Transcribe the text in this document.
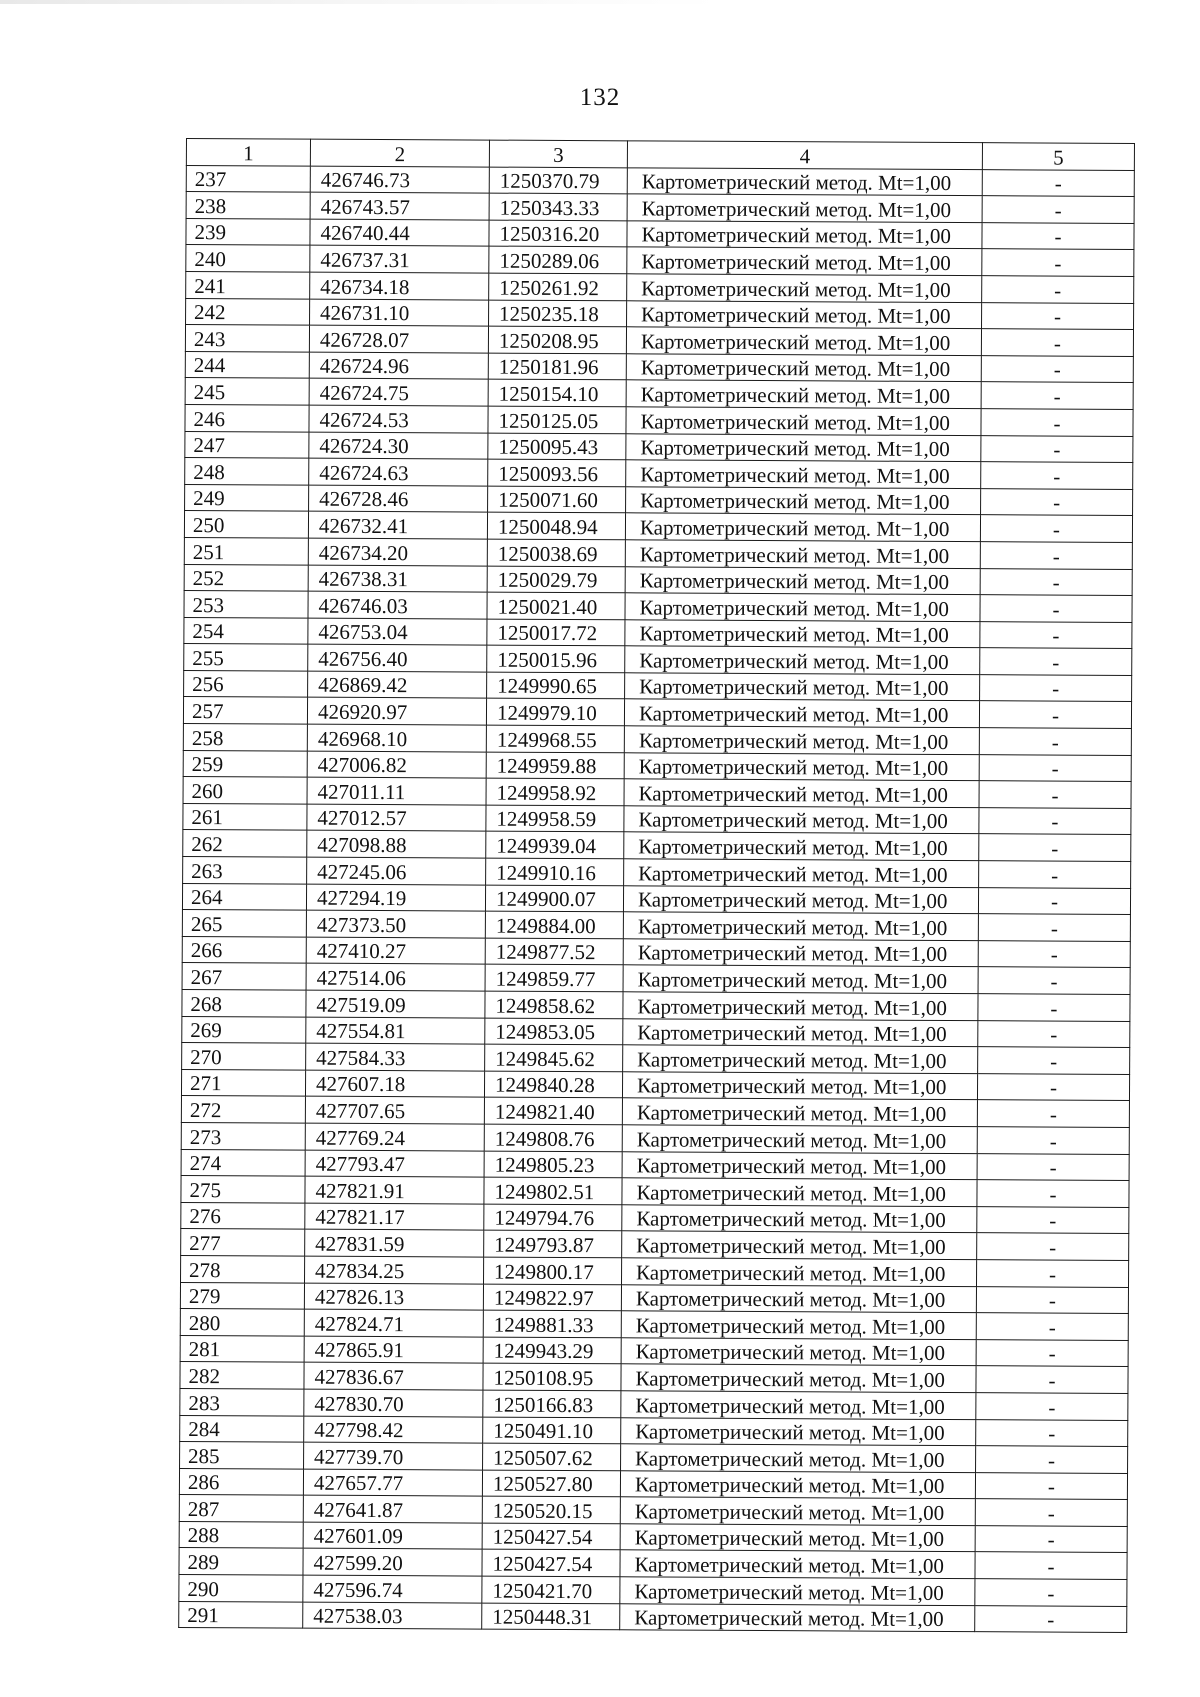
132
1	2	3	4	5
237	426746.73	1250370.79	Картометрический метод. Mt=1,00	-
238	426743.57	1250343.33	Картометрический метод. Mt=1,00	-
239	426740.44	1250316.20	Картометрический метод. Mt=1,00	-
240	426737.31	1250289.06	Картометрический метод. Mt=1,00	-
241	426734.18	1250261.92	Картометрический метод. Mt=1,00	-
242	426731.10	1250235.18	Картометрический метод. Mt=1,00	-
243	426728.07	1250208.95	Картометрический метод. Mt=1,00	-
244	426724.96	1250181.96	Картометрический метод. Mt=1,00	-
245	426724.75	1250154.10	Картометрический метод. Mt=1,00	-
246	426724.53	1250125.05	Картометрический метод. Mt=1,00	-
247	426724.30	1250095.43	Картометрический метод. Mt=1,00	-
248	426724.63	1250093.56	Картометрический метод. Mt=1,00	-
249	426728.46	1250071.60	Картометрический метод. Mt=1,00	-
250	426732.41	1250048.94	Картометрический метод. Mt−1,00	-
251	426734.20	1250038.69	Картометрический метод. Mt=1,00	-
252	426738.31	1250029.79	Картометрический метод. Mt=1,00	-
253	426746.03	1250021.40	Картометрический метод. Mt=1,00	-
254	426753.04	1250017.72	Картометрический метод. Mt=1,00	-
255	426756.40	1250015.96	Картометрический метод. Mt=1,00	-
256	426869.42	1249990.65	Картометрический метод. Mt=1,00	-
257	426920.97	1249979.10	Картометрический метод. Mt=1,00	-
258	426968.10	1249968.55	Картометрический метод. Mt=1,00	-
259	427006.82	1249959.88	Картометрический метод. Mt=1,00	-
260	427011.11	1249958.92	Картометрический метод. Mt=1,00	-
261	427012.57	1249958.59	Картометрический метод. Mt=1,00	-
262	427098.88	1249939.04	Картометрический метод. Mt=1,00	-
263	427245.06	1249910.16	Картометрический метод. Mt=1,00	-
264	427294.19	1249900.07	Картометрический метод. Mt=1,00	-
265	427373.50	1249884.00	Картометрический метод. Mt=1,00	-
266	427410.27	1249877.52	Картометрический метод. Mt=1,00	-
267	427514.06	1249859.77	Картометрический метод. Mt=1,00	-
268	427519.09	1249858.62	Картометрический метод. Mt=1,00	-
269	427554.81	1249853.05	Картометрический метод. Mt=1,00	-
270	427584.33	1249845.62	Картометрический метод. Mt=1,00	-
271	427607.18	1249840.28	Картометрический метод. Mt=1,00	-
272	427707.65	1249821.40	Картометрический метод. Mt=1,00	-
273	427769.24	1249808.76	Картометрический метод. Mt=1,00	-
274	427793.47	1249805.23	Картометрический метод. Mt=1,00	-
275	427821.91	1249802.51	Картометрический метод. Mt=1,00	-
276	427821.17	1249794.76	Картометрический метод. Mt=1,00	-
277	427831.59	1249793.87	Картометрический метод. Mt=1,00	-
278	427834.25	1249800.17	Картометрический метод. Mt=1,00	-
279	427826.13	1249822.97	Картометрический метод. Mt=1,00	-
280	427824.71	1249881.33	Картометрический метод. Mt=1,00	-
281	427865.91	1249943.29	Картометрический метод. Mt=1,00	-
282	427836.67	1250108.95	Картометрический метод. Mt=1,00	-
283	427830.70	1250166.83	Картометрический метод. Mt=1,00	-
284	427798.42	1250491.10	Картометрический метод. Mt=1,00	-
285	427739.70	1250507.62	Картометрический метод. Mt=1,00	-
286	427657.77	1250527.80	Картометрический метод. Mt=1,00	-
287	427641.87	1250520.15	Картометрический метод. Mt=1,00	-
288	427601.09	1250427.54	Картометрический метод. Mt=1,00	-
289	427599.20	1250427.54	Картометрический метод. Mt=1,00	-
290	427596.74	1250421.70	Картометрический метод. Mt=1,00	-
291	427538.03	1250448.31	Картометрический метод. Mt=1,00	-
